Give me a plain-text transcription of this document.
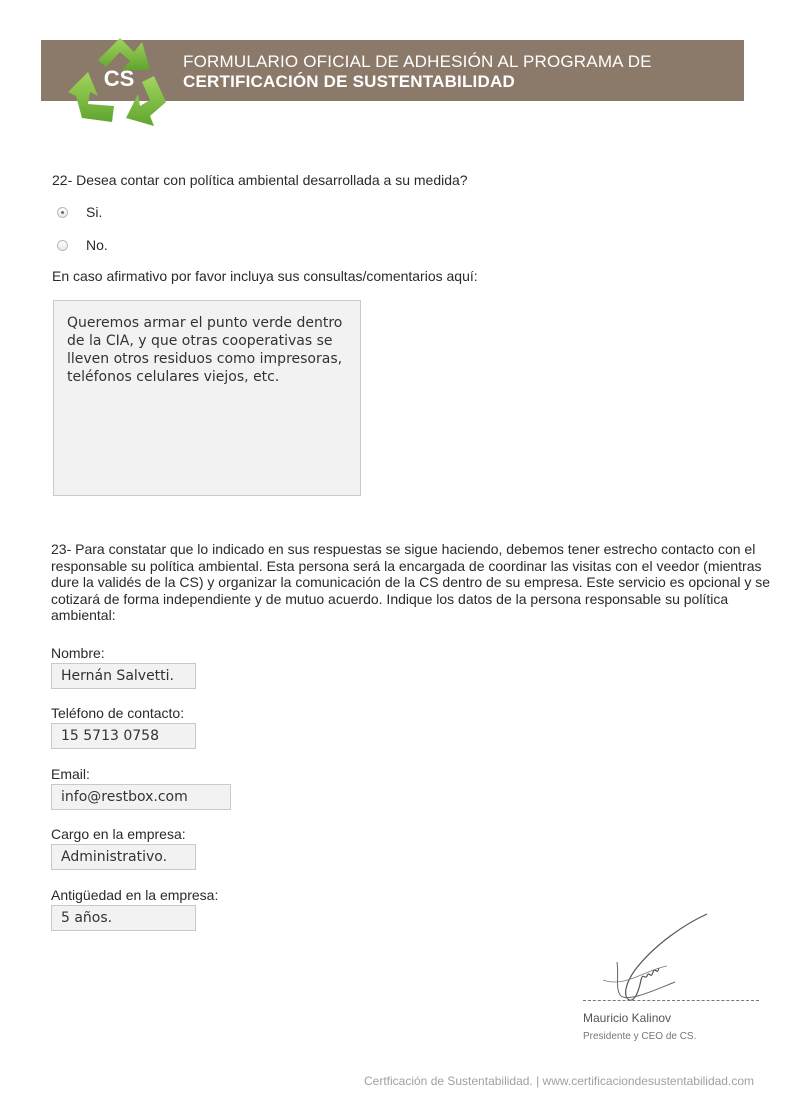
CS
FORMULARIO OFICIAL DE ADHESIÓN AL PROGRAMA DE
CERTIFICACIÓN DE SUSTENTABILIDAD
22- Desea contar con política ambiental desarrollada a su medida?
Si.
No.
En caso afirmativo por favor incluya sus consultas/comentarios aquí:
Queremos armar el punto verde dentro de la CIA, y que otras cooperativas se lleven otros residuos como impresoras, teléfonos celulares viejos, etc.
23- Para constatar que lo indicado en sus respuestas se sigue haciendo, debemos tener estrecho contacto con el responsable su política ambiental. Esta persona será la encargada de coordinar las visitas con el veedor (mientras dure la validés de la CS) y organizar la comunicación de la CS dentro de su empresa. Este servicio es opcional y se cotizará de forma independiente y de mutuo acuerdo. Indique los datos de la persona responsable su política ambiental:
Nombre:
Hernán Salvetti.
Teléfono de contacto:
15 5713 0758
Email:
info@restbox.com
Cargo en la empresa:
Administrativo.
Antigüedad en la empresa:
5 años.
Mauricio Kalinov
Presidente y CEO de CS.
Certficación de Sustentabilidad. | www.certificaciondesustentabilidad.com
